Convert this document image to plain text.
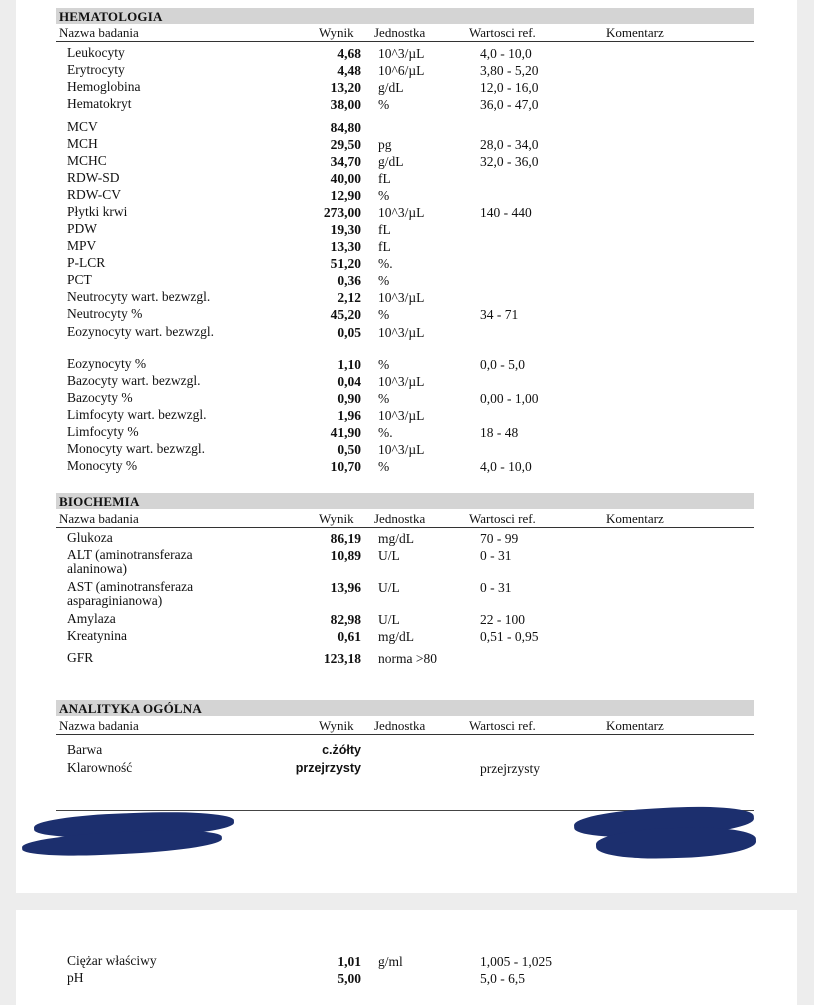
HEMATOLOGIA
Nazwa badania	Wynik Jednostka	Wartosci ref.	Komentarz
Leukocyty	4,68 10^3/µL	4,0 - 10,0
Erytrocyty	4,48 10^6/µL	3,80 - 5,20
Hemoglobina	13,20 g/dL	12,0 - 16,0
Hematokryt	38,00 %	36,0 - 47,0
MCV	84,80
MCH	29,50 pg	28,0 - 34,0
MCHC	34,70 g/dL	32,0 - 36,0
RDW-SD	40,00 fL
RDW-CV	12,90 %
Płytki krwi	273,00 10^3/µL	140 - 440
PDW	19,30 fL
MPV	13,30 fL
P-LCR	51,20 %.
PCT	0,36 %
Neutrocyty wart. bezwzgl.	2,12 10^3/µL
Neutrocyty %	45,20 %	34 - 71
Eozynocyty wart. bezwzgl.	0,05 10^3/µL
Eozynocyty %	1,10 %	0,0 - 5,0
Bazocyty wart. bezwzgl.	0,04 10^3/µL
Bazocyty %	0,90 %	0,00 - 1,00
Limfocyty wart. bezwzgl.	1,96 10^3/µL
Limfocyty %	41,90 %.	18 - 48
Monocyty wart. bezwzgl.	0,50 10^3/µL
Monocyty %	10,70 %	4,0 - 10,0
BIOCHEMIA
Nazwa badania	Wynik Jednostka	Wartosci ref.	Komentarz
Glukoza	86,19 mg/dL	70 - 99
ALT (aminotransferaza alaninowa)
10,89 U/L	0 - 31
AST (aminotransferaza asparaginianowa)
13,96 U/L	0 - 31
Amylaza	82,98 U/L	22 - 100
Kreatynina	0,61 mg/dL	0,51 - 0,95
GFR	123,18 norma >80
ANALITYKA OGÓLNA
Nazwa badania	Wynik Jednostka	Wartosci ref.	Komentarz
Barwa	c.żółty
Klarowność	przejrzysty	przejrzysty
Ciężar właściwy	1,01 g/ml	1,005 - 1,025
pH	5,00	5,0 - 6,5
